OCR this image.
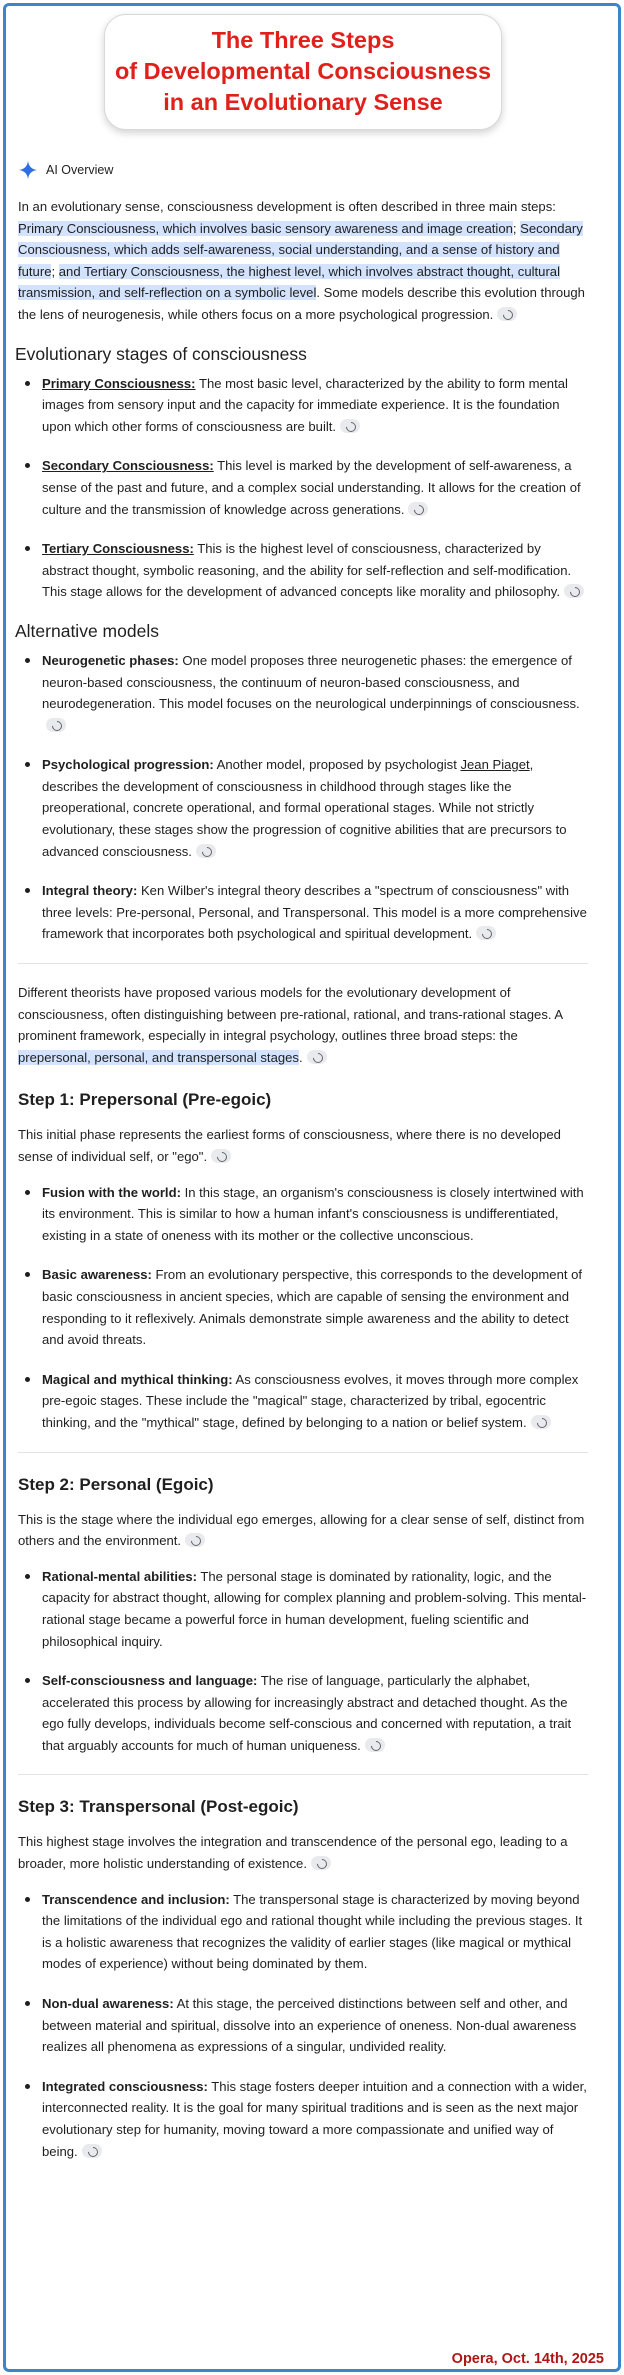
The Three Steps
of Developmental Consciousness
in an Evolutionary Sense
AI Overview

In an evolutionary sense, consciousness development is often described in three main steps: Primary Consciousness, which involves basic sensory awareness and image creation; Secondary Consciousness, which adds self-awareness, social understanding, and a sense of history and future; and Tertiary Consciousness, the highest level, which involves abstract thought, cultural transmission, and self-reflection on a symbolic level. Some models describe this evolution through the lens of neurogenesis, while others focus on a more psychological progression.

Evolutionary stages of consciousness
Primary Consciousness: The most basic level, characterized by the ability to form mental images from sensory input and the capacity for immediate experience. It is the foundation upon which other forms of consciousness are built.
Secondary Consciousness: This level is marked by the development of self-awareness, a sense of the past and future, and a complex social understanding. It allows for the creation of culture and the transmission of knowledge across generations.
Tertiary Consciousness: This is the highest level of consciousness, characterized by abstract thought, symbolic reasoning, and the ability for self-reflection and self-modification. This stage allows for the development of advanced concepts like morality and philosophy.
Alternative models
Neurogenetic phases: One model proposes three neurogenetic phases: the emergence of neuron-based consciousness, the continuum of neuron-based consciousness, and neurodegeneration. This model focuses on the neurological underpinnings of consciousness.
Psychological progression: Another model, proposed by psychologist Jean Piaget, describes the development of consciousness in childhood through stages like the preoperational, concrete operational, and formal operational stages. While not strictly evolutionary, these stages show the progression of cognitive abilities that are precursors to advanced consciousness.
Integral theory: Ken Wilber's integral theory describes a "spectrum of consciousness" with three levels: Pre-personal, Personal, and Transpersonal. This model is a more comprehensive framework that incorporates both psychological and spiritual development.

Different theorists have proposed various models for the evolutionary development of consciousness, often distinguishing between pre-rational, rational, and trans-rational stages. A prominent framework, especially in integral psychology, outlines three broad steps: the prepersonal, personal, and transpersonal stages.

Step 1: Prepersonal (Pre-egoic)

This initial phase represents the earliest forms of consciousness, where there is no developed sense of individual self, or "ego".

Fusion with the world: In this stage, an organism's consciousness is closely intertwined with its environment. This is similar to how a human infant's consciousness is undifferentiated, existing in a state of oneness with its mother or the collective unconscious.
Basic awareness: From an evolutionary perspective, this corresponds to the development of basic consciousness in ancient species, which are capable of sensing the environment and responding to it reflexively. Animals demonstrate simple awareness and the ability to detect and avoid threats.
Magical and mythical thinking: As consciousness evolves, it moves through more complex pre-egoic stages. These include the "magical" stage, characterized by tribal, egocentric thinking, and the "mythical" stage, defined by belonging to a nation or belief system.
Step 2: Personal (Egoic)

This is the stage where the individual ego emerges, allowing for a clear sense of self, distinct from others and the environment.

Rational-mental abilities: The personal stage is dominated by rationality, logic, and the capacity for abstract thought, allowing for complex planning and problem-solving. This mental-rational stage became a powerful force in human development, fueling scientific and philosophical inquiry.
Self-consciousness and language: The rise of language, particularly the alphabet, accelerated this process by allowing for increasingly abstract and detached thought. As the ego fully develops, individuals become self-conscious and concerned with reputation, a trait that arguably accounts for much of human uniqueness.
Step 3: Transpersonal (Post-egoic)

This highest stage involves the integration and transcendence of the personal ego, leading to a broader, more holistic understanding of existence.

Transcendence and inclusion: The transpersonal stage is characterized by moving beyond the limitations of the individual ego and rational thought while including the previous stages. It is a holistic awareness that recognizes the validity of earlier stages (like magical or mythical modes of experience) without being dominated by them.
Non-dual awareness: At this stage, the perceived distinctions between self and other, and between material and spiritual, dissolve into an experience of oneness. Non-dual awareness realizes all phenomena as expressions of a singular, undivided reality.
Integrated consciousness: This stage fosters deeper intuition and a connection with a wider, interconnected reality. It is the goal for many spiritual traditions and is seen as the next major evolutionary step for humanity, moving toward a more compassionate and unified way of being.
Opera, Oct. 14th, 2025
